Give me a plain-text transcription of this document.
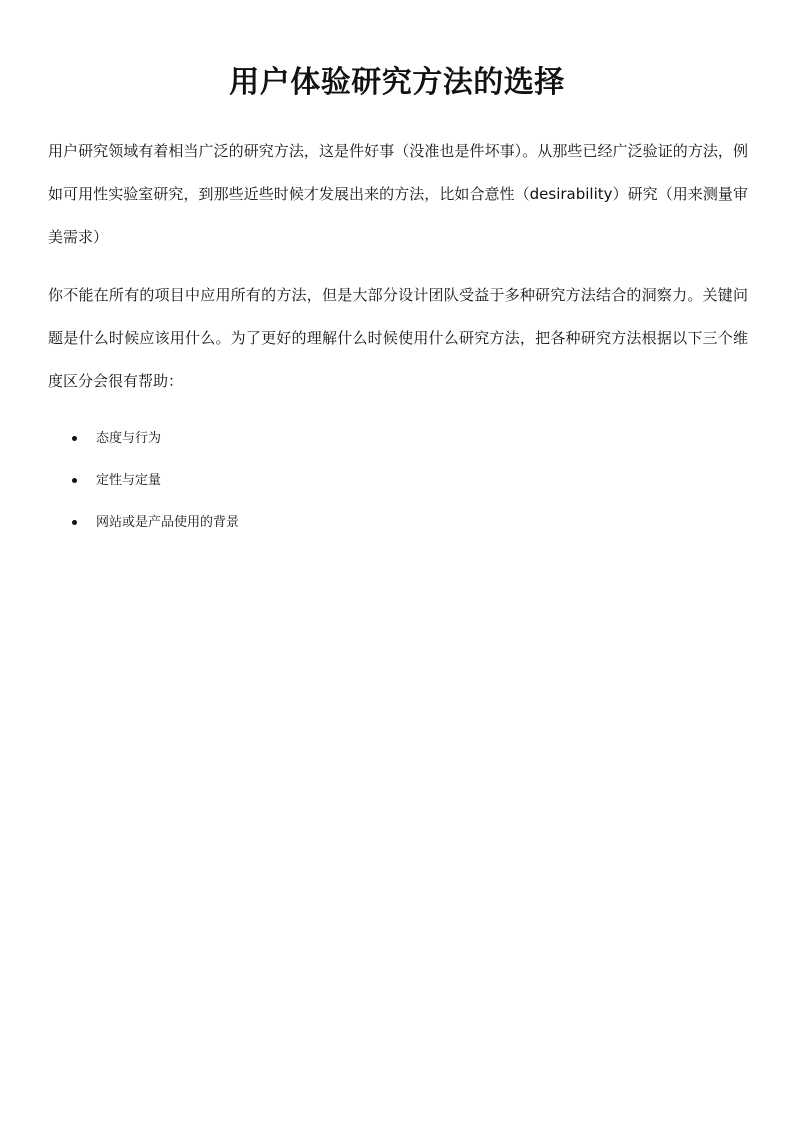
用户体验研究方法的选择

用户研究领域有着相当广泛的研究方法，这是件好事（没准也是件坏事）。从那些已经广泛验证的方法，例如可用性实验室研究，到那些近些时候才发展出来的方法，比如合意性（desirability）研究（用来测量审美需求）

你不能在所有的项目中应用所有的方法，但是大部分设计团队受益于多种研究方法结合的洞察力。关键问题是什么时候应该用什么。为了更好的理解什么时候使用什么研究方法，把各种研究方法根据以下三个维度区分会很有帮助：

态度与行为
定性与定量
网站或是产品使用的背景
